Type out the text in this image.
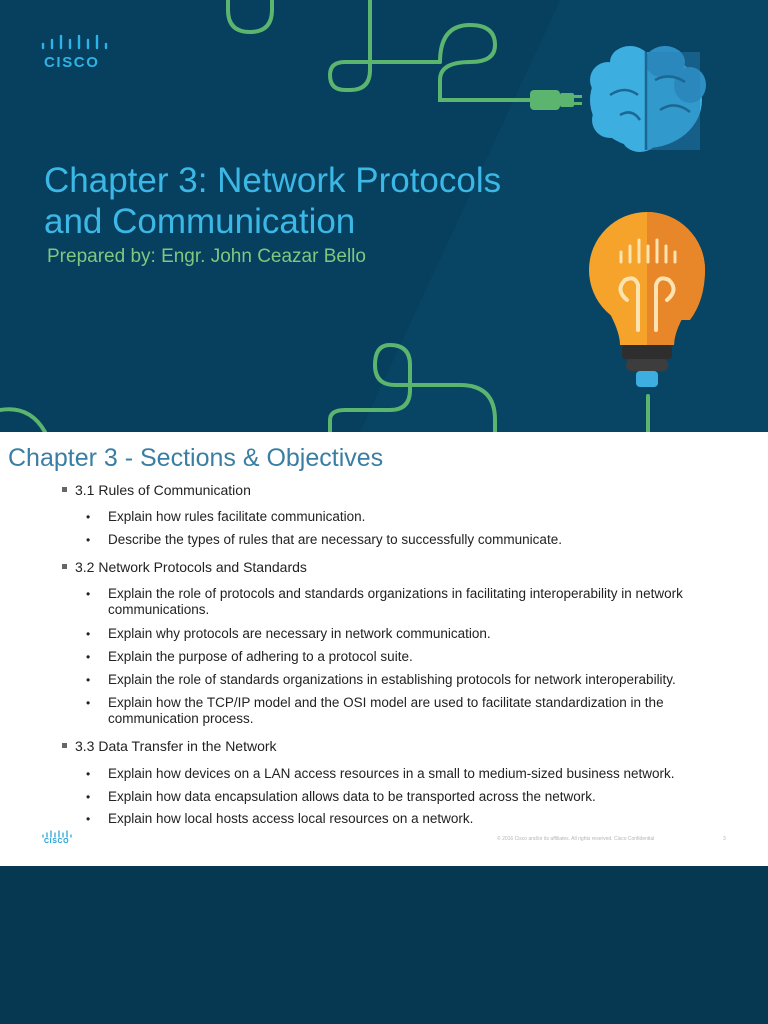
CISCO
Chapter 3: Network Protocols
and Communication
Prepared by: Engr. John Ceazar Bello
Chapter 3 - Sections & Objectives
3.1 Rules of Communication
• Explain how rules facilitate communication.
• Describe the types of rules that are necessary to successfully communicate.
3.2 Network Protocols and Standards
• Explain the role of protocols and standards organizations in facilitating interoperability in network communications.
• Explain why protocols are necessary in network communication.
• Explain the purpose of adhering to a protocol suite.
• Explain the role of standards organizations in establishing protocols for network interoperability.
• Explain how the TCP/IP model and the OSI model are used to facilitate standardization in the communication process.
3.3 Data Transfer in the Network
• Explain how devices on a LAN access resources in a small to medium-sized business network.
• Explain how data encapsulation allows data to be transported across the network.
• Explain how local hosts access local resources on a network.
CISCO	© 2016 Cisco and/or its affiliates. All rights reserved. Cisco Confidential	3
